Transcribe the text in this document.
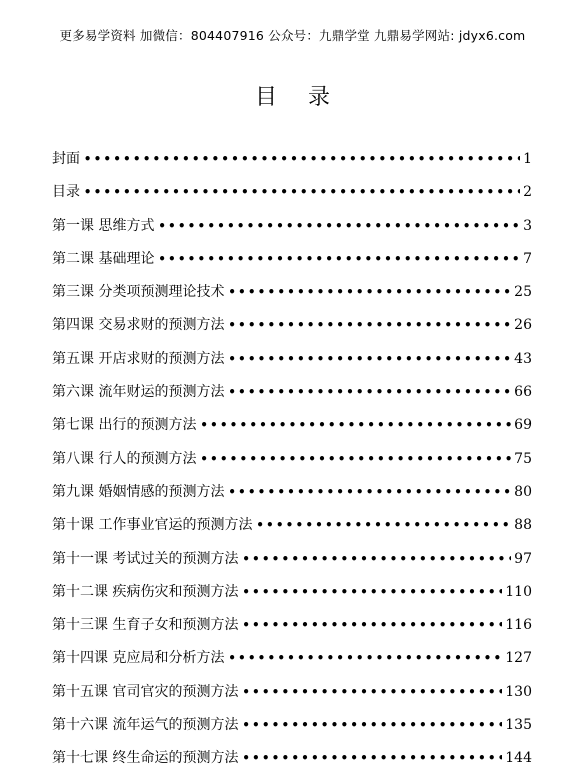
更多易学资料 加微信：804407916 公众号：九鼎学堂 九鼎易学网站: jdyx6.com
目 录
封面 •••••	1
目录 •••••	2
第一课 思维方式 •••••	3
第二课 基础理论 •••••	7
第三课 分类项预测理论技术 •••••	25
第四课 交易求财的预测方法 •••••	26
第五课 开店求财的预测方法 •••••	43
第六课 流年财运的预测方法 •••••	66
第七课 出行的预测方法 •••••	69
第八课 行人的预测方法 •••••	75
第九课 婚姻情感的预测方法 •••••	80
第十课 工作事业官运的预测方法 •••••	88
第十一课 考试过关的预测方法 •••••	97
第十二课 疾病伤灾和预测方法 •••••	110
第十三课 生育子女和预测方法 •••••	116
第十四课 克应局和分析方法 •••••	127
第十五课 官司官灾的预测方法 •••••	130
第十六课 流年运气的预测方法 •••••	135
第十七课 终生命运的预测方法 •••••	144
